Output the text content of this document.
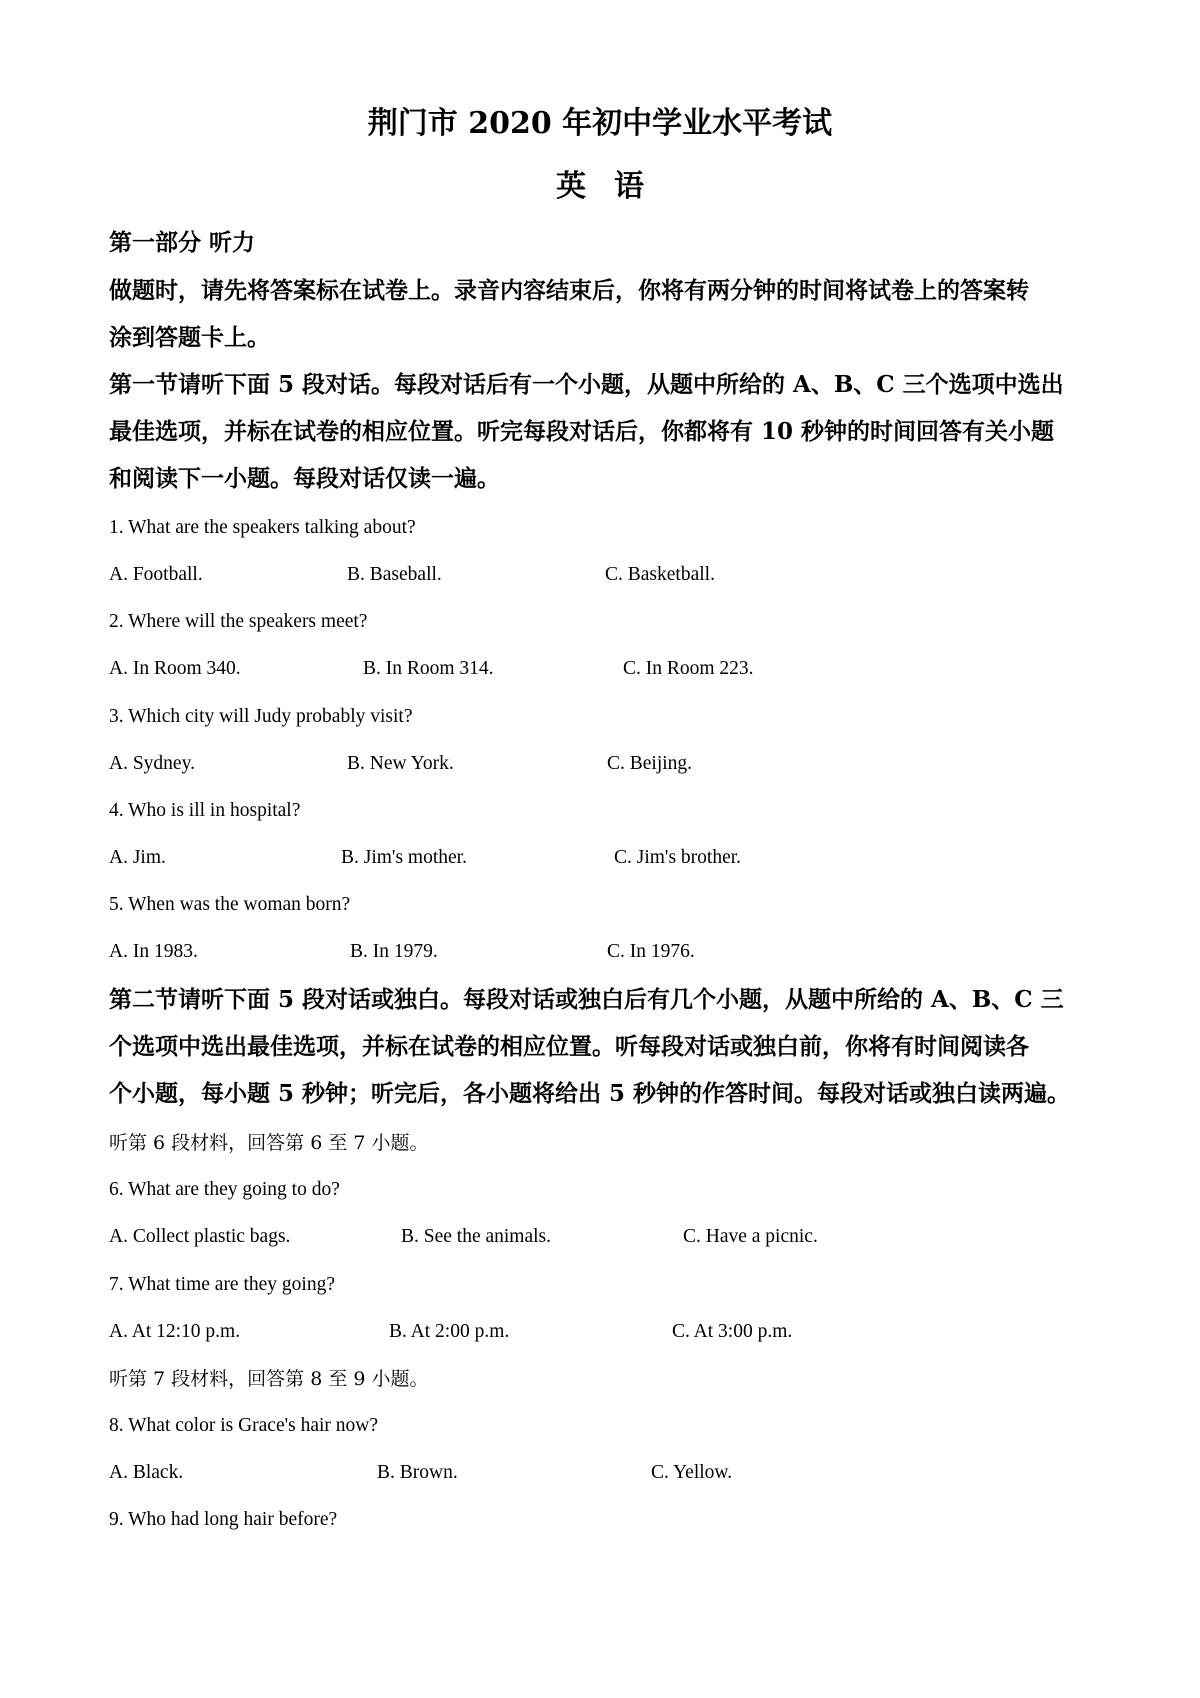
荆门市 2020 年初中学业水平考试
英语
第一部分 听力
做题时，请先将答案标在试卷上。录音内容结束后，你将有两分钟的时间将试卷上的答案转
涂到答题卡上。
第一节请听下面 5 段对话。每段对话后有一个小题，从题中所给的 A、B、C 三个选项中选出
最佳选项，并标在试卷的相应位置。听完每段对话后，你都将有 10 秒钟的时间回答有关小题
和阅读下一小题。每段对话仅读一遍。
1. What are the speakers talking about?
A. Football.	B. Baseball.	C. Basketball.
2. Where will the speakers meet?
A. In Room 340.	B. In Room 314.	C. In Room 223.
3. Which city will Judy probably visit?
A. Sydney.	B. New York.	C. Beijing.
4. Who is ill in hospital?
A. Jim.	B. Jim's mother.	C. Jim's brother.
5. When was the woman born?
A. In 1983.	B. In 1979.	C. In 1976.
第二节请听下面 5 段对话或独白。每段对话或独白后有几个小题，从题中所给的 A、B、C 三
个选项中选出最佳选项，并标在试卷的相应位置。听每段对话或独白前，你将有时间阅读各
个小题，每小题 5 秒钟；听完后，各小题将给出 5 秒钟的作答时间。每段对话或独白读两遍。
听第 6 段材料，回答第 6 至 7 小题。
6. What are they going to do?
A. Collect plastic bags.	B. See the animals.	C. Have a picnic.
7. What time are they going?
A. At 12:10 p.m.	B. At 2:00 p.m.	C. At 3:00 p.m.
听第 7 段材料，回答第 8 至 9 小题。
8. What color is Grace's hair now?
A. Black.	B. Brown.	C. Yellow.
9. Who had long hair before?
